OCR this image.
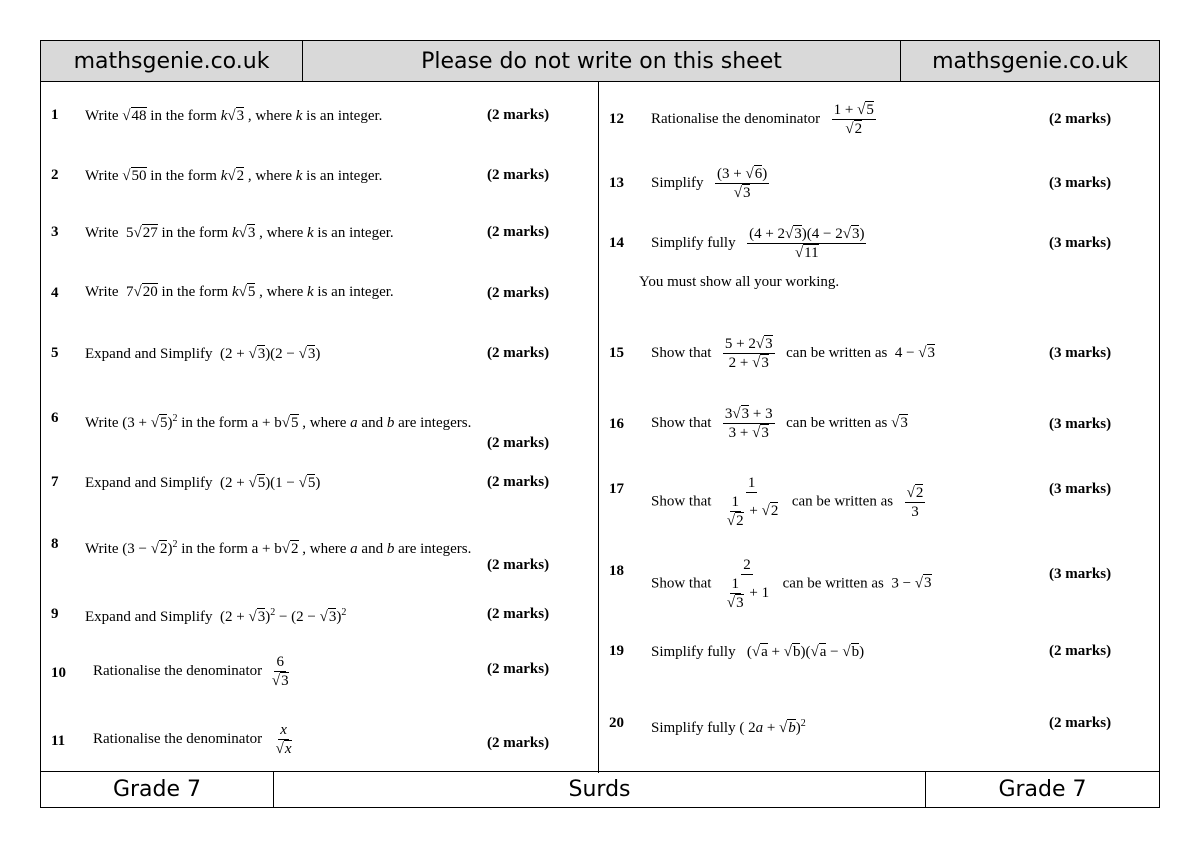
mathsgenie.co.uk	Please do not write on this sheet	mathsgenie.co.uk
1 Write √48 in the form k√3 , where k is an integer.	(2 marks)
2 Write √50 in the form k√2 , where k is an integer.	(2 marks)
3 Write  5√27 in the form k√3 , where k is an integer.	(2 marks)
4 Write  7√20 in the form k√5 , where k is an integer.	(2 marks)
5 Expand and Simplify  (2 + √3)(2 − √3)	(2 marks)
6 Write $(3 + √5)^2$ in the form a + b√5 , where a and b are integers.
(2 marks)
7 Expand and Simplify  (2 + √5)(1 − √5)	(2 marks)
8 Write $(3 - √2)^2$ in the form a + b√2 , where a and b are integers.
(2 marks)
9 Expand and Simplify  $(2 + √3)^2 - (2 - √3)^2$	(2 marks)
10 Rationalise the denominator $\frac{6}{√3}$	(2 marks)
11 Rationalise the denominator $\frac{x}{√x}$	(2 marks)
12 Rationalise the denominator $\frac{1 + √5}{√2}$	(2 marks)
13 Simplify $\frac{(3 + √6)}{√3}$	(3 marks)
14 Simplify fully $\frac{(4 + 2√3)(4 - 2√3)}{√11}$	(3 marks)
You must show all your working.
15 Show that $\frac{5 + 2√3}{2 + √3}$ can be written as  4 − √3	(3 marks)
16 Show that $\frac{3√3 + 3}{3 + √3}$ can be written as √3	(3 marks)
17
Show that $\frac{1}{\frac{1}{√2} + √2}$ can be written as $\frac{√2}{3}$	(3 marks)
18
Show that $\frac{2}{\frac{1}{√3} + 1}$ can be written as  3 − √3
(3 marks)
19 Simplify fully   (√a + √b)(√a − √b)	(2 marks)
20 Simplify fully ( 2a + √b)$^2$	(2 marks)
Grade 7	Surds	Grade 7
